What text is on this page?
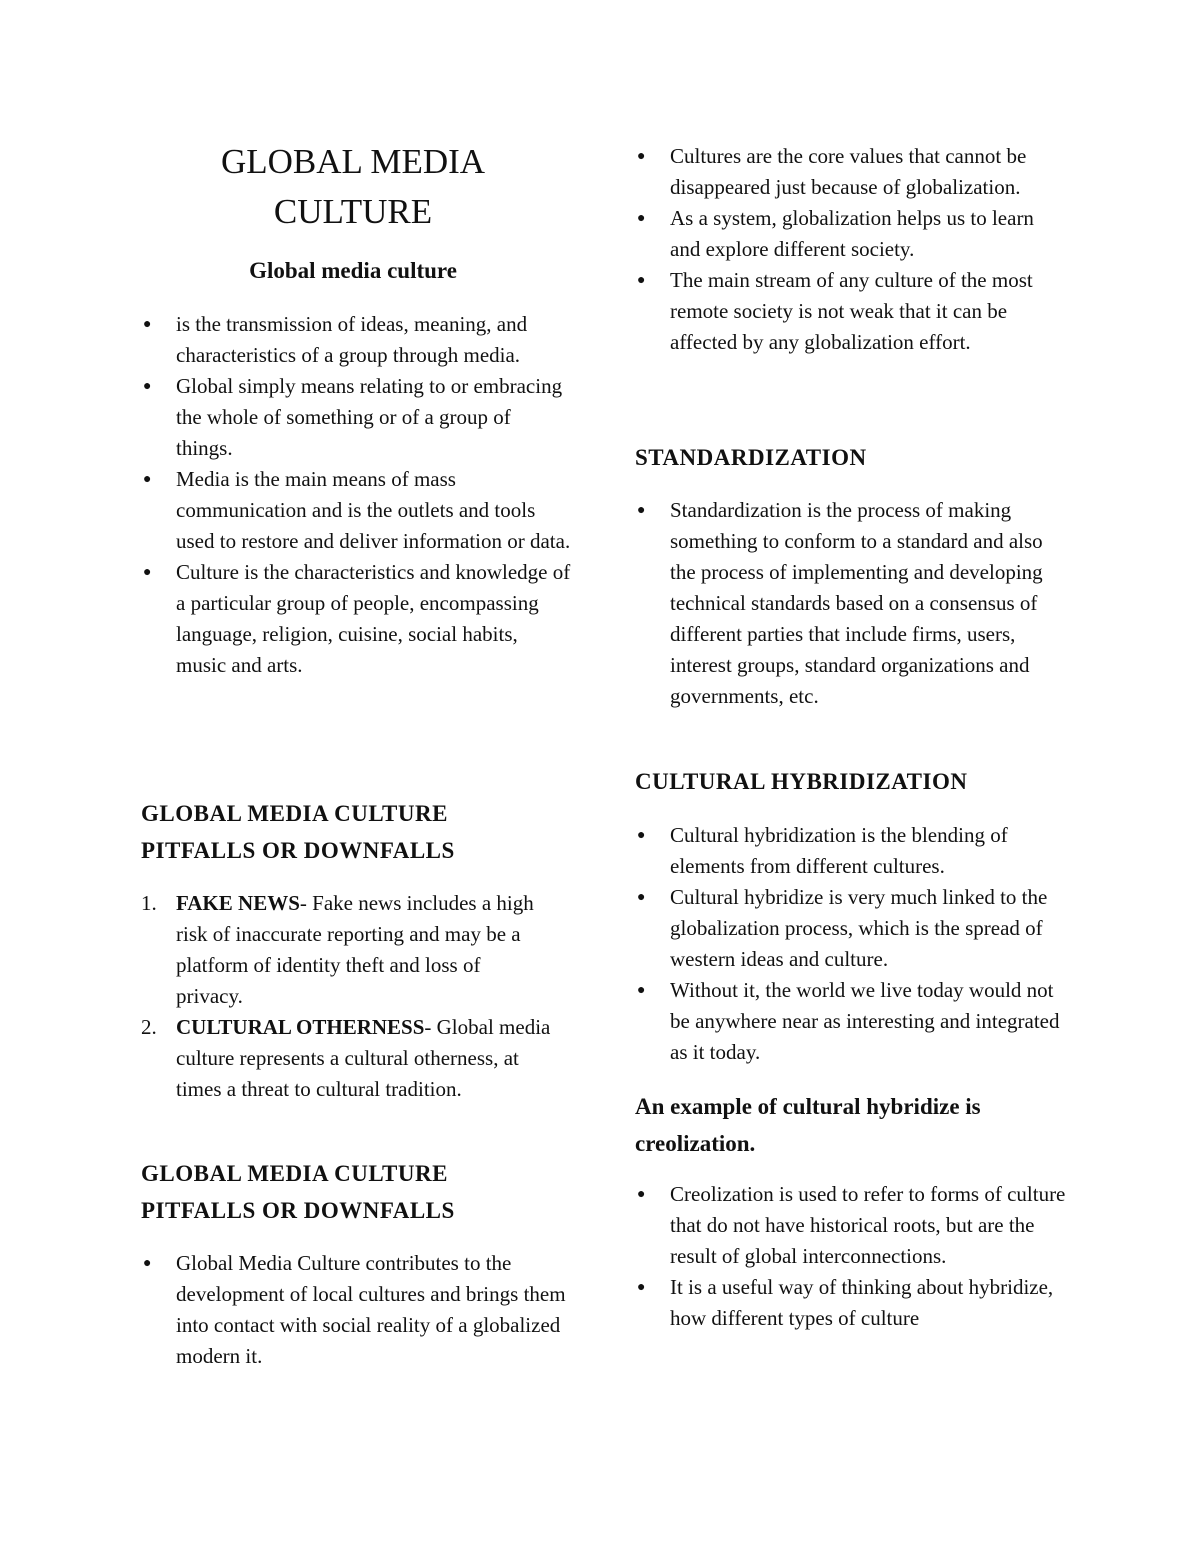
GLOBAL MEDIA
CULTURE
Global media culture
● is the transmission of ideas, meaning, and characteristics of a group through media.
● Global simply means relating to or embracing the whole of something or of a group of things.
● Media is the main means of mass communication and is the outlets and tools used to restore and deliver information or data.
● Culture is the characteristics and knowledge of a particular group of people, encompassing language, religion, cuisine, social habits, music and arts.
GLOBAL MEDIA CULTURE PITFALLS OR DOWNFALLS
1. FAKE NEWS- Fake news includes a high risk of inaccurate reporting and may be a platform of identity theft and loss of privacy.
2. CULTURAL OTHERNESS- Global media culture represents a cultural otherness, at times a threat to cultural tradition.
GLOBAL MEDIA CULTURE PITFALLS OR DOWNFALLS
● Global Media Culture contributes to the development of local cultures and brings them into contact with social reality of a globalized modern it.
● Cultures are the core values that cannot be disappeared just because of globalization.
● As a system, globalization helps us to learn and explore different society.
● The main stream of any culture of the most remote society is not weak that it can be affected by any globalization effort.
STANDARDIZATION
● Standardization is the process of making something to conform to a standard and also the process of implementing and developing technical standards based on a consensus of different parties that include firms, users, interest groups, standard organizations and governments, etc.
CULTURAL HYBRIDIZATION
● Cultural hybridization is the blending of elements from different cultures.
● Cultural hybridize is very much linked to the globalization process, which is the spread of western ideas and culture.
● Without it, the world we live today would not be anywhere near as interesting and integrated as it today.
An example of cultural hybridize is creolization.
● Creolization is used to refer to forms of culture that do not have historical roots, but are the result of global interconnections.
● It is a useful way of thinking about hybridize, how different types of culture
